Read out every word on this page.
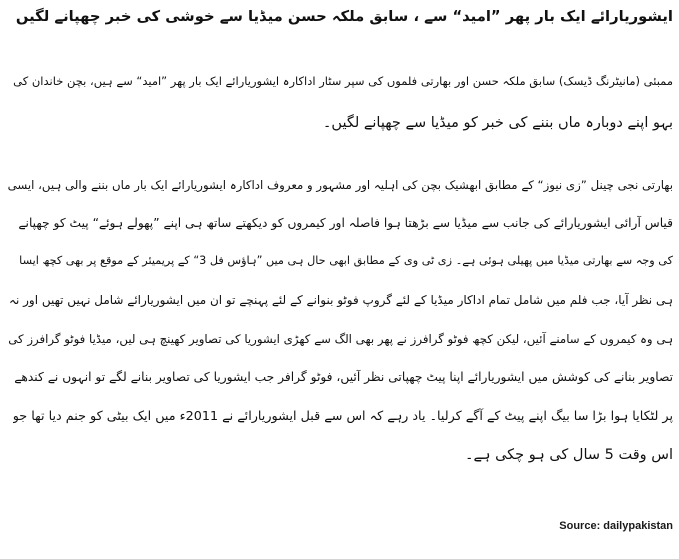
ایشوریارائے ایک بار پھر ”امید“ سے ، سابق ملکہ حسن میڈیا سے خوشی کی خبر چھپانے لگیں
ممبئی (مانیٹرنگ ڈیسک) سابق ملکہ حسن اور بھارتی فلموں کی سپر سٹار اداکارہ ایشوریارائے ایک بار پھر ”امید“ سے ہیں، بچن خاندان کی
بہو اپنے دوبارہ ماں بننے کی خبر کو میڈیا سے چھپانے لگیں۔
بھارتی نجی چینل ”زی نیوز“ کے مطابق ابھشیک بچن کی اہلیہ اور مشہور و معروف اداکارہ ایشوریارائے ایک بار ماں بننے والی ہیں، ایسی
قیاس آرائی ایشوریارائے کی جانب سے میڈیا سے بڑھتا ہوا فاصلہ اور کیمروں کو دیکھتے ساتھ ہی اپنے ”پھولے ہوئے“ پیٹ کو چھپانے
کی وجہ سے بھارتی میڈیا میں پھیلی ہوئی ہے۔ زی ٹی وی کے مطابق ابھی حال ہی میں ”ہاؤس فل 3“ کے پریمیئر کے موقع پر بھی کچھ ایسا
ہی نظر آیا، جب فلم میں شامل تمام اداکار میڈیا کے لئے گروپ فوٹو بنوانے کے لئے پہنچے تو ان میں ایشوریارائے شامل نہیں تھیں اور نہ
ہی وہ کیمروں کے سامنے آئیں، لیکن کچھ فوٹو گرافرز نے پھر بھی الگ سے کھڑی ایشوریا کی تصاویر کھینچ ہی لیں، میڈیا فوٹو گرافرز کی
تصاویر بنانے کی کوشش میں ایشوریارائے اپنا پیٹ چھپاتی نظر آئیں، فوٹو گرافر جب ایشوریا کی تصاویر بنانے لگے تو انہوں نے کندھے
پر لٹکایا ہوا بڑا سا بیگ اپنے پیٹ کے آگے کرلیا۔ یاد رہے کہ اس سے قبل ایشوریارائے نے 2011ء میں ایک بیٹی کو جنم دیا تھا جو
اس وقت 5 سال کی ہو چکی ہے۔
Source: dailypakistan
